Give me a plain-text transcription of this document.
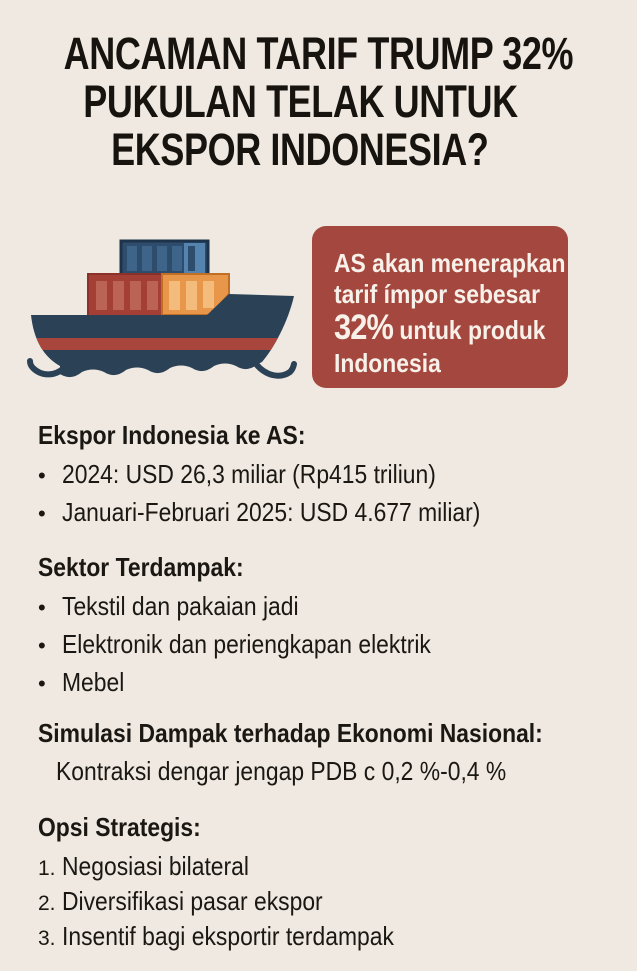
ANCAMAN TARIF TRUMP 32%
PUKULAN TELAK UNTUK
EKSPOR INDONESIA?
AS akan menerapkan
tarif ímpor sebesar
32% untuk produk
Indonesia
Ekspor Indonesia ke AS:
• 2024: USD 26,3 miliar (Rp415 triliun)
• Januari-Februari 2025: USD 4.677 miliar)
Sektor Terdampak:
• Tekstil dan pakaian jadi
• Elektronik dan periengkapan elektrik
• Mebel
Simulasi Dampak terhadap Ekonomi Nasional:
Kontraksi dengar jengap PDB c 0,2 %-0,4 %
Opsi Strategis:
1. Negosiasi bilateral
2. Diversifikasi pasar ekspor
3. Insentif bagi eksportir terdampak
